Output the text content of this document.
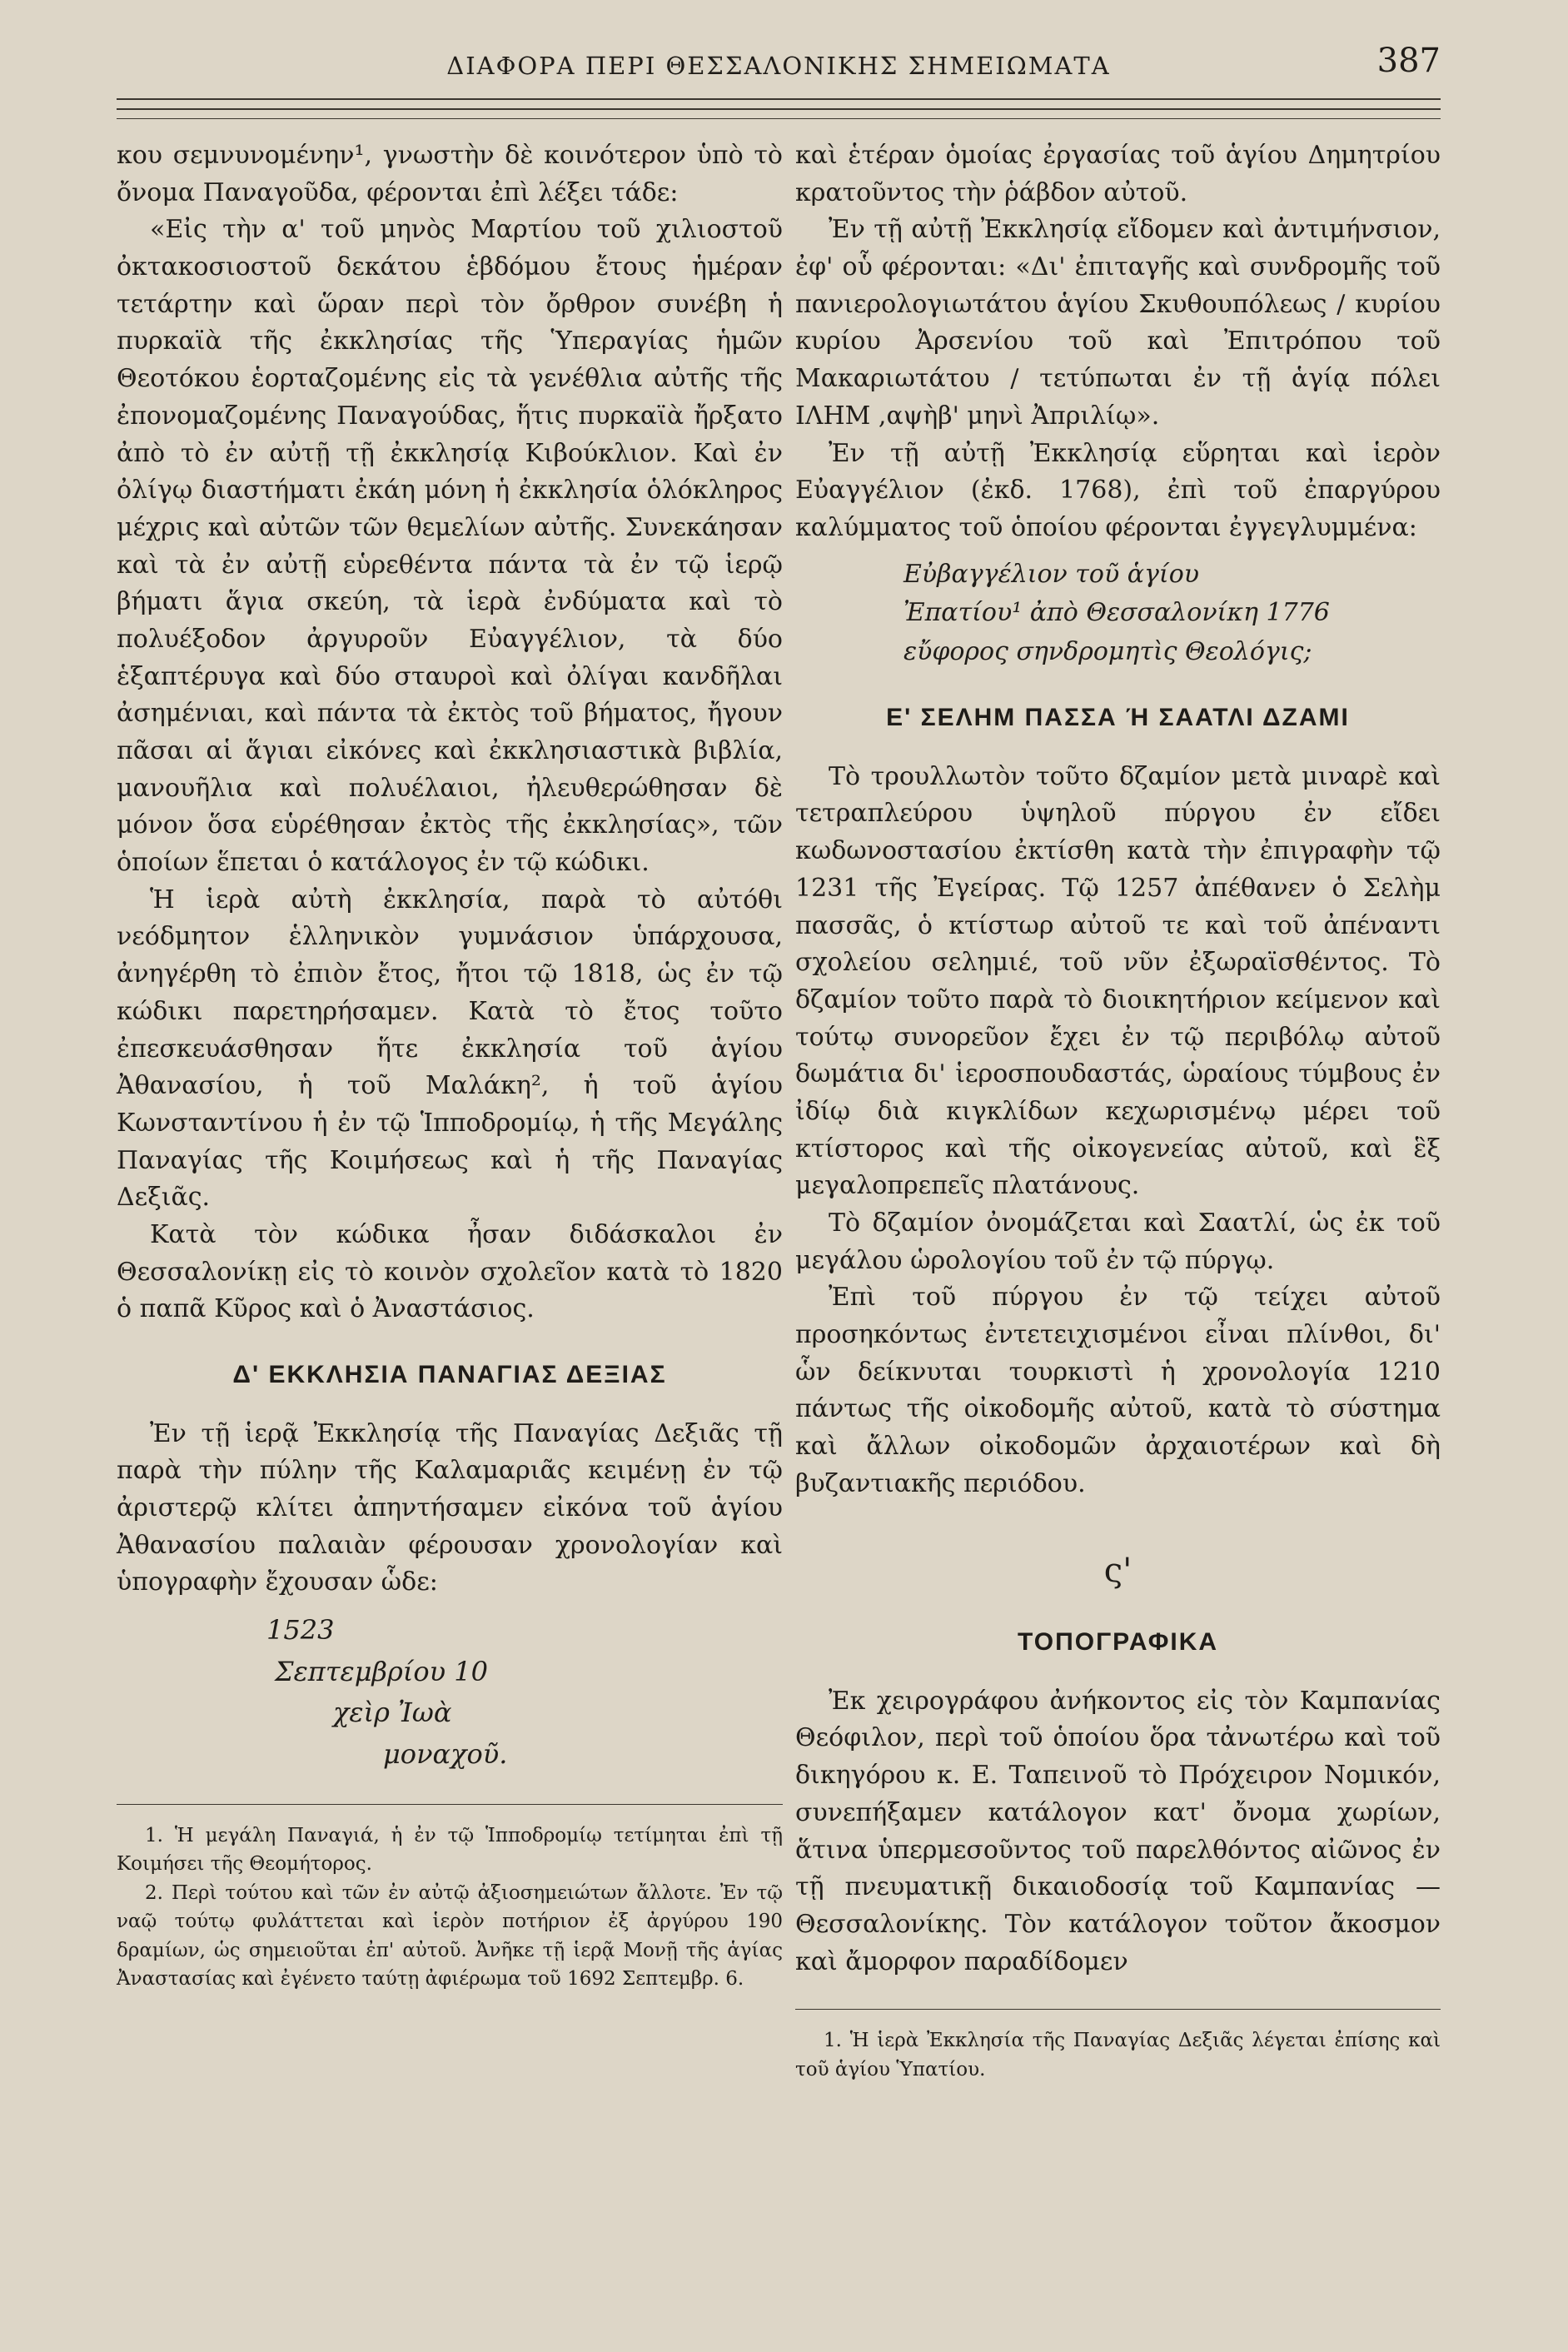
ΔΙΑΦΟΡΑ ΠΕΡΙ ΘΕΣΣΑΛΟΝΙΚΗΣ ΣΗΜΕΙΩΜΑΤΑ	387

κου σεμνυνομένην¹, γνωστὴν δὲ κοινότερον ὑπὸ τὸ ὄνομα Παναγοῦδα, φέρονται ἐπὶ λέξει τάδε:

«Εἰς τὴν α' τοῦ μηνὸς Μαρτίου τοῦ χιλιοστοῦ ὀκτακοσιοστοῦ δεκάτου ἑβδόμου ἔτους ἡμέραν τετάρτην καὶ ὥραν περὶ τὸν ὄρθρον συνέβη ἡ πυρκαϊὰ τῆς ἐκκλησίας τῆς Ὑπεραγίας ἡμῶν Θεοτόκου ἑορταζομένης εἰς τὰ γενέθλια αὐτῆς τῆς ἐπονομαζομένης Παναγούδας, ἥτις πυρκαϊὰ ἤρξατο ἀπὸ τὸ ἐν αὐτῇ τῇ ἐκκλησίᾳ Κιβούκλιον. Καὶ ἐν ὀλίγῳ διαστήματι ἐκάη μόνη ἡ ἐκκλησία ὁλόκληρος μέχρις καὶ αὐτῶν τῶν θεμελίων αὐτῆς. Συνεκάησαν καὶ τὰ ἐν αὐτῇ εὑρεθέντα πάντα τὰ ἐν τῷ ἱερῷ βήματι ἅγια σκεύη, τὰ ἱερὰ ἐνδύματα καὶ τὸ πολυέξοδον ἀργυροῦν Εὐαγγέλιον, τὰ δύο ἑξαπτέρυγα καὶ δύο σταυροὶ καὶ ὀλίγαι κανδῆλαι ἀσημένιαι, καὶ πάντα τὰ ἐκτὸς τοῦ βήματος, ἤγουν πᾶσαι αἱ ἅγιαι εἰκόνες καὶ ἐκκλησιαστικὰ βιβλία, μανουῆλια καὶ πολυέλαιοι, ἠλευθερώθησαν δὲ μόνον ὅσα εὑρέθησαν ἐκτὸς τῆς ἐκκλησίας», τῶν ὁποίων ἕπεται ὁ κατάλογος ἐν τῷ κώδικι.

Ἡ ἱερὰ αὐτὴ ἐκκλησία, παρὰ τὸ αὐτόθι νεόδμητον ἑλληνικὸν γυμνάσιον ὑπάρχουσα, ἀνηγέρθη τὸ ἐπιὸν ἔτος, ἤτοι τῷ 1818, ὡς ἐν τῷ κώδικι παρετηρήσαμεν. Κατὰ τὸ ἔτος τοῦτο ἐπεσκευάσθησαν ἥτε ἐκκλησία τοῦ ἁγίου Ἀθανασίου, ἡ τοῦ Μαλάκη², ἡ τοῦ ἁγίου Κωνσταντίνου ἡ ἐν τῷ Ἱπποδρομίῳ, ἡ τῆς Μεγάλης Παναγίας τῆς Κοιμήσεως καὶ ἡ τῆς Παναγίας Δεξιᾶς.

Κατὰ τὸν κώδικα ἦσαν διδάσκαλοι ἐν Θεσσαλονίκῃ εἰς τὸ κοινὸν σχολεῖον κατὰ τὸ 1820 ὁ παπᾶ Κῦρος καὶ ὁ Ἀναστάσιος.

Δ' ΕΚΚΛΗΣΙΑ ΠΑΝΑΓΙΑΣ ΔΕΞΙΑΣ

Ἐν τῇ ἱερᾷ Ἐκκλησίᾳ τῆς Παναγίας Δεξιᾶς τῇ παρὰ τὴν πύλην τῆς Καλαμαριᾶς κειμένῃ ἐν τῷ ἀριστερῷ κλίτει ἀπηντήσαμεν εἰκόνα τοῦ ἁγίου Ἀθανασίου παλαιὰν φέρουσαν χρονολογίαν καὶ ὑπογραφὴν ἔχουσαν ὧδε:

1523
Σεπτεμβρίου 10
χεὶρ Ἰωὰ
μοναχοῦ.

1. Ἡ μεγάλη Παναγιά, ἡ ἐν τῷ Ἱπποδρομίῳ τετίμηται ἐπὶ τῇ Κοιμήσει τῆς Θεομήτορος.

2. Περὶ τούτου καὶ τῶν ἐν αὐτῷ ἀξιοσημειώτων ἄλλοτε. Ἐν τῷ ναῷ τούτῳ φυλάττεται καὶ ἱερὸν ποτήριον ἐξ ἀργύρου 190 δραμίων, ὡς σημειοῦται ἐπ' αὐτοῦ. Ἀνῆκε τῇ ἱερᾷ Μονῇ τῆς ἁγίας Ἀναστασίας καὶ ἐγένετο ταύτῃ ἀφιέρωμα τοῦ 1692 Σεπτεμβρ. 6.

καὶ ἑτέραν ὁμοίας ἐργασίας τοῦ ἁγίου Δημητρίου κρατοῦντος τὴν ῥάβδον αὐτοῦ.

Ἐν τῇ αὐτῇ Ἐκκλησίᾳ εἴδομεν καὶ ἀντιμήνσιον, ἐφ' οὗ φέρονται: «Δι' ἐπιταγῆς καὶ συνδρομῆς τοῦ πανιερολογιωτάτου ἁγίου Σκυθουπόλεως / κυρίου κυρίου Ἀρσενίου τοῦ καὶ Ἐπιτρόπου τοῦ Μακαριωτάτου / τετύπωται ἐν τῇ ἁγίᾳ πόλει ΙΛΗΜ ,αψὴβ' μηνὶ Ἀπριλίῳ».

Ἐν τῇ αὐτῇ Ἐκκλησίᾳ εὕρηται καὶ ἱερὸν Εὐαγγέλιον (ἐκδ. 1768), ἐπὶ τοῦ ἐπαργύρου καλύμματος τοῦ ὁποίου φέρονται ἐγγεγλυμμένα:

Εὐβαγγέλιον τοῦ ἁγίου
Ἐπατίου¹ ἀπὸ Θεσσαλονίκη 1776
εὔφορος σηνδρομητὶς Θεολόγις;
Ε' ΣΕΛΗΜ ΠΑΣΣΑ Ή ΣΑΑΤΛΙ ΔΖΑΜΙ

Τὸ τρουλλωτὸν τοῦτο δζαμίον μετὰ μιναρὲ καὶ τετραπλεύρου ὑψηλοῦ πύργου ἐν εἴδει κωδωνοστασίου ἐκτίσθη κατὰ τὴν ἐπιγραφὴν τῷ 1231 τῆς Ἐγείρας. Τῷ 1257 ἀπέθανεν ὁ Σελὴμ πασσᾶς, ὁ κτίστωρ αὐτοῦ τε καὶ τοῦ ἀπέναντι σχολείου σελημιέ, τοῦ νῦν ἐξωραϊσθέντος. Τὸ δζαμίον τοῦτο παρὰ τὸ διοικητήριον κείμενον καὶ τούτῳ συνορεῦον ἔχει ἐν τῷ περιβόλῳ αὐτοῦ δωμάτια δι' ἱεροσπουδαστάς, ὡραίους τύμβους ἐν ἰδίῳ διὰ κιγκλίδων κεχωρισμένῳ μέρει τοῦ κτίστορος καὶ τῆς οἰκογενείας αὐτοῦ, καὶ ἓξ μεγαλοπρεπεῖς πλατάνους.

Τὸ δζαμίον ὀνομάζεται καὶ Σαατλί, ὡς ἐκ τοῦ μεγάλου ὡρολογίου τοῦ ἐν τῷ πύργῳ.

Ἐπὶ τοῦ πύργου ἐν τῷ τείχει αὐτοῦ προσηκόντως ἐντετειχισμένοι εἶναι πλίνθοι, δι' ὧν δείκνυται τουρκιστὶ ἡ χρονολογία 1210 πάντως τῆς οἰκοδομῆς αὐτοῦ, κατὰ τὸ σύστημα καὶ ἄλλων οἰκοδομῶν ἀρχαιοτέρων καὶ δὴ βυζαντιακῆς περιόδου.

ς'
ΤΟΠΟΓΡΑΦΙΚΑ

Ἐκ χειρογράφου ἀνήκοντος εἰς τὸν Καμπανίας Θεόφιλον, περὶ τοῦ ὁποίου ὅρα τἀνωτέρω καὶ τοῦ δικηγόρου κ. Ε. Ταπεινοῦ τὸ Πρόχειρον Νομικόν, συνεπήξαμεν κατάλογον κατ' ὄνομα χωρίων, ἅτινα ὑπερμεσοῦντος τοῦ παρελθόντος αἰῶνος ἐν τῇ πνευματικῇ δικαιοδοσίᾳ τοῦ Καμπανίας — Θεσσαλονίκης. Τὸν κατάλογον τοῦτον ἄκοσμον καὶ ἄμορφον παραδίδομεν

1. Ἡ ἱερὰ Ἐκκλησία τῆς Παναγίας Δεξιᾶς λέγεται ἐπίσης καὶ τοῦ ἁγίου Ὑπατίου.
